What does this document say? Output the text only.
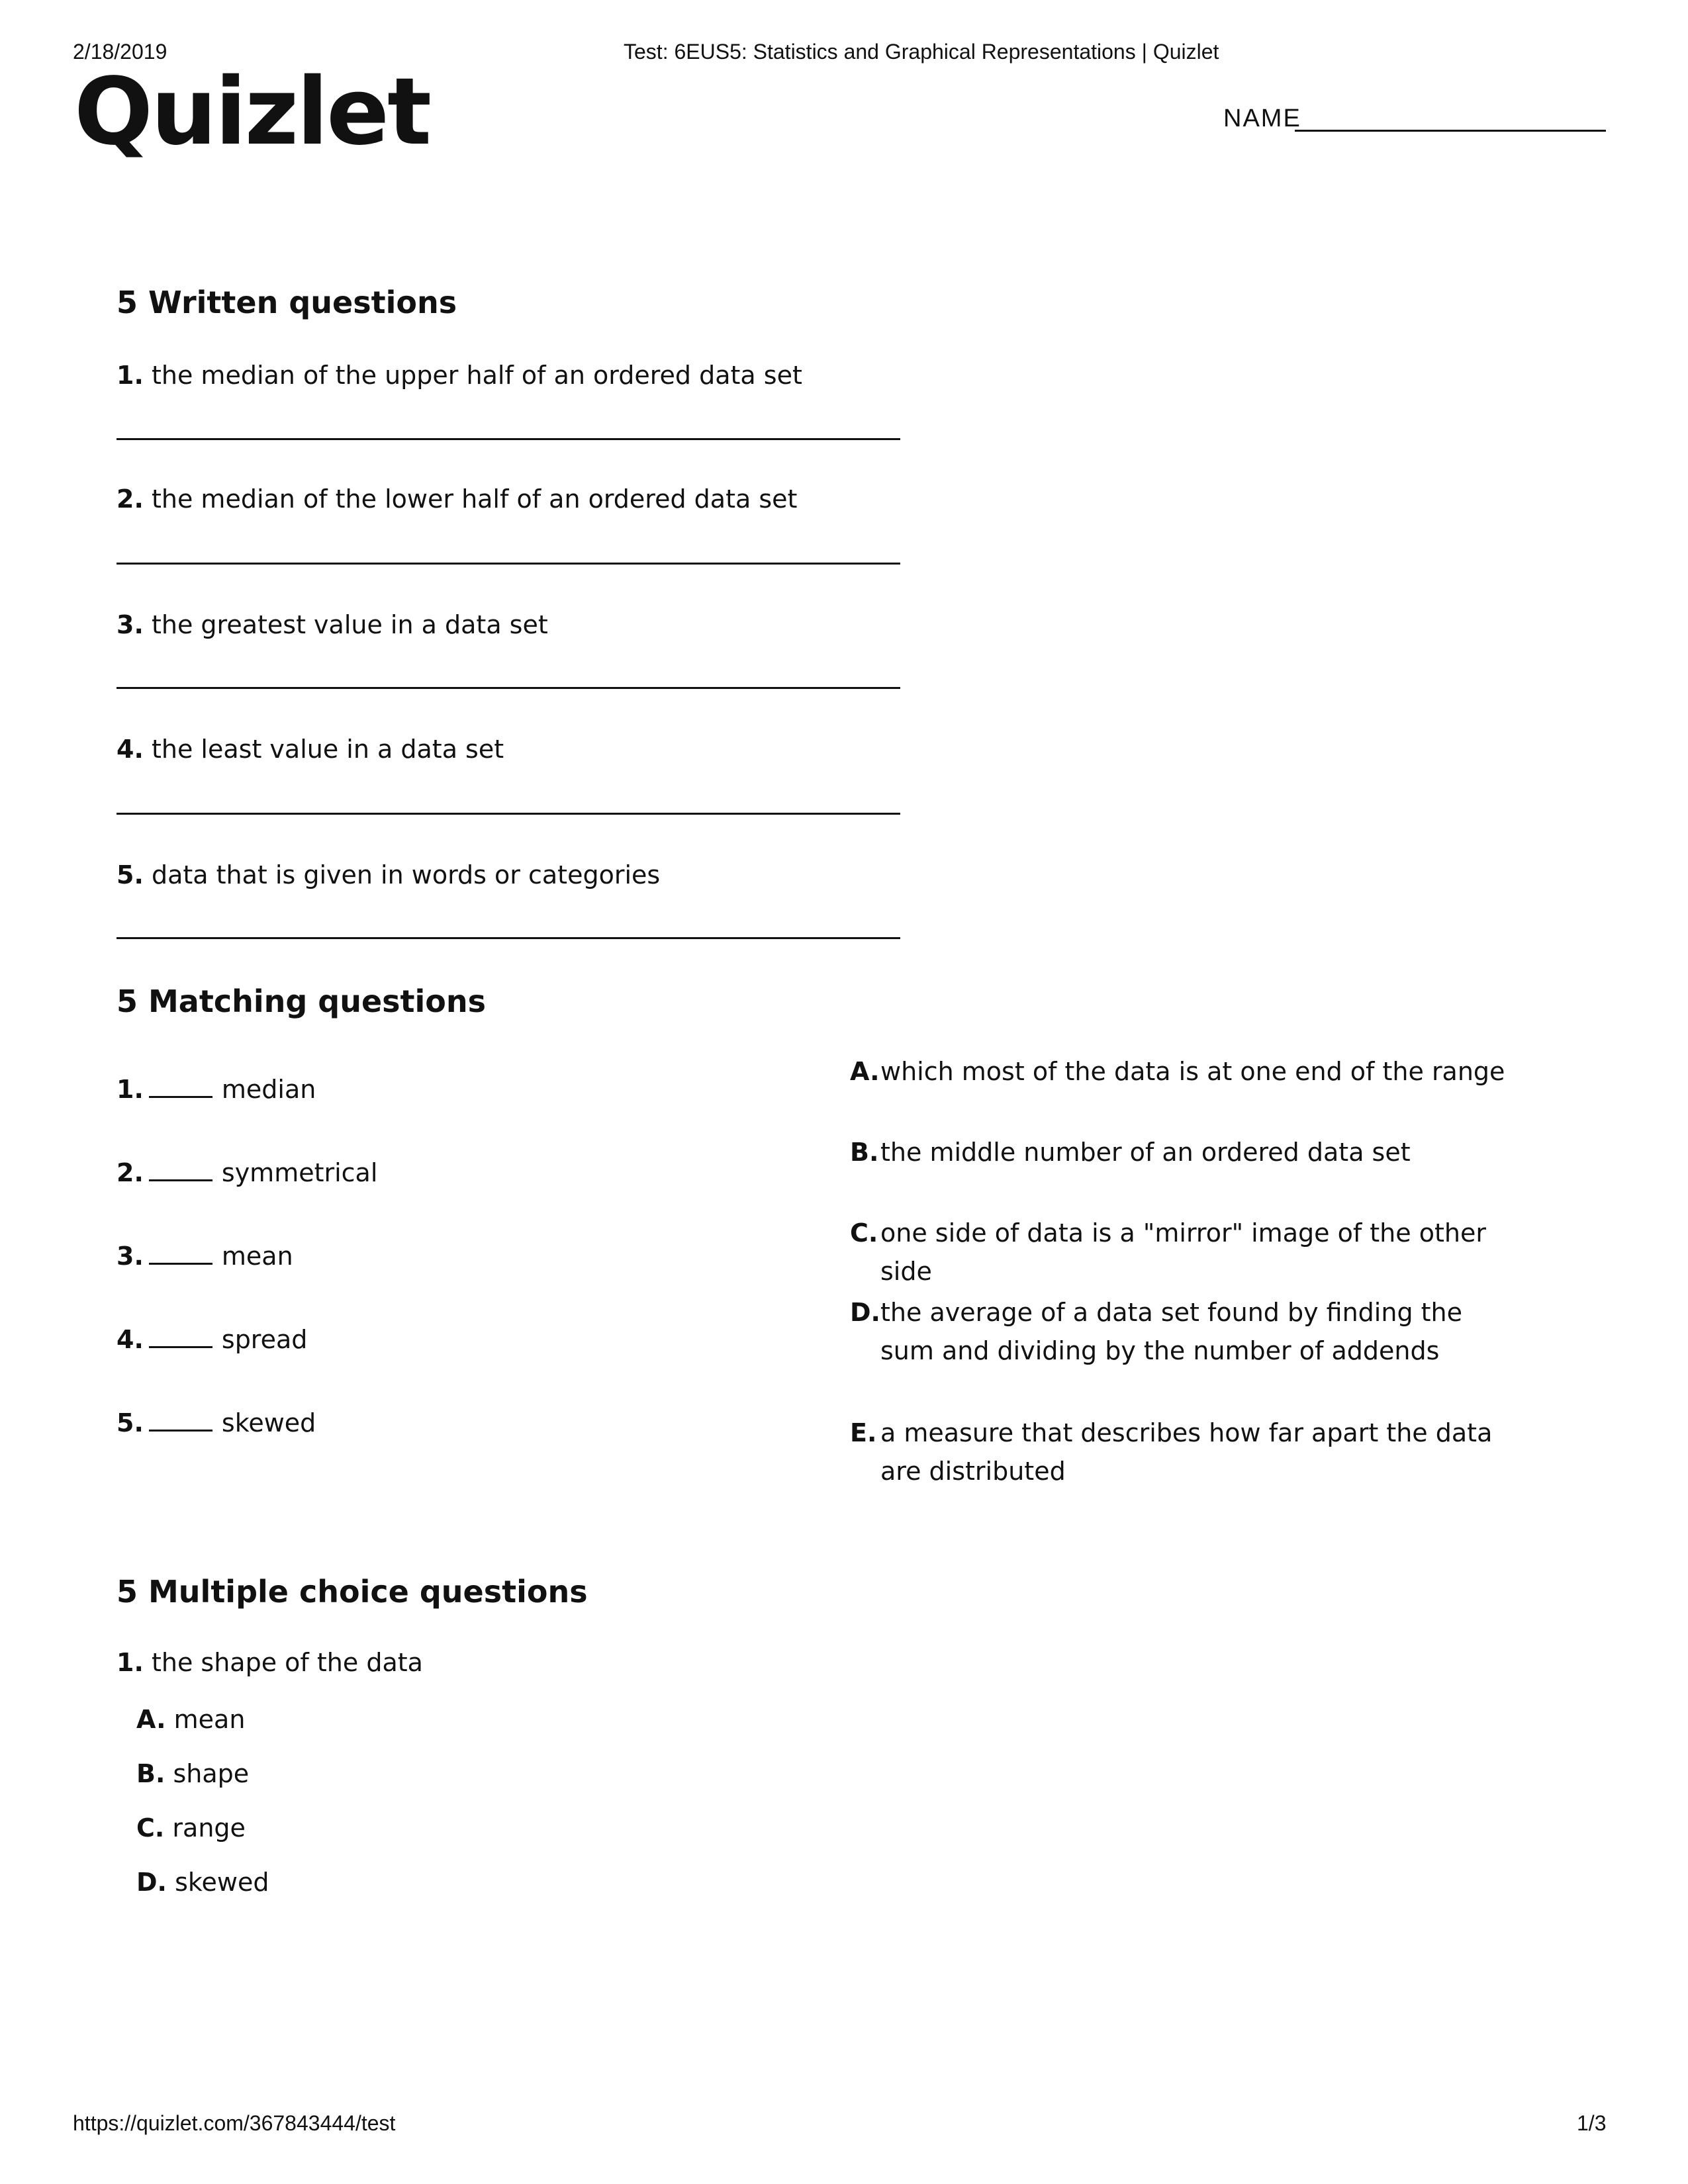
2/18/2019	Test: 6EUS5: Statistics and Graphical Representations | Quizlet
Quizlet	NAME
5 Written questions
1. the median of the upper half of an ordered data set
2. the median of the lower half of an ordered data set
3. the greatest value in a data set
4. the least value in a data set
5. data that is given in words or categories
5 Matching questions
1.	median
2.	symmetrical
3.	mean
4.	spread
5.	skewed
A.which most of the data is at one end of the range
B.the middle number of an ordered data set
C.one side of data is a "mirror" image of the other side
D.the average of a data set found by finding the sum and dividing by the number of addends
E. a measure that describes how far apart the data are distributed
5 Multiple choice questions
1. the shape of the data
A. mean
B. shape
C. range
D. skewed
https://quizlet.com/367843444/test	1/3
